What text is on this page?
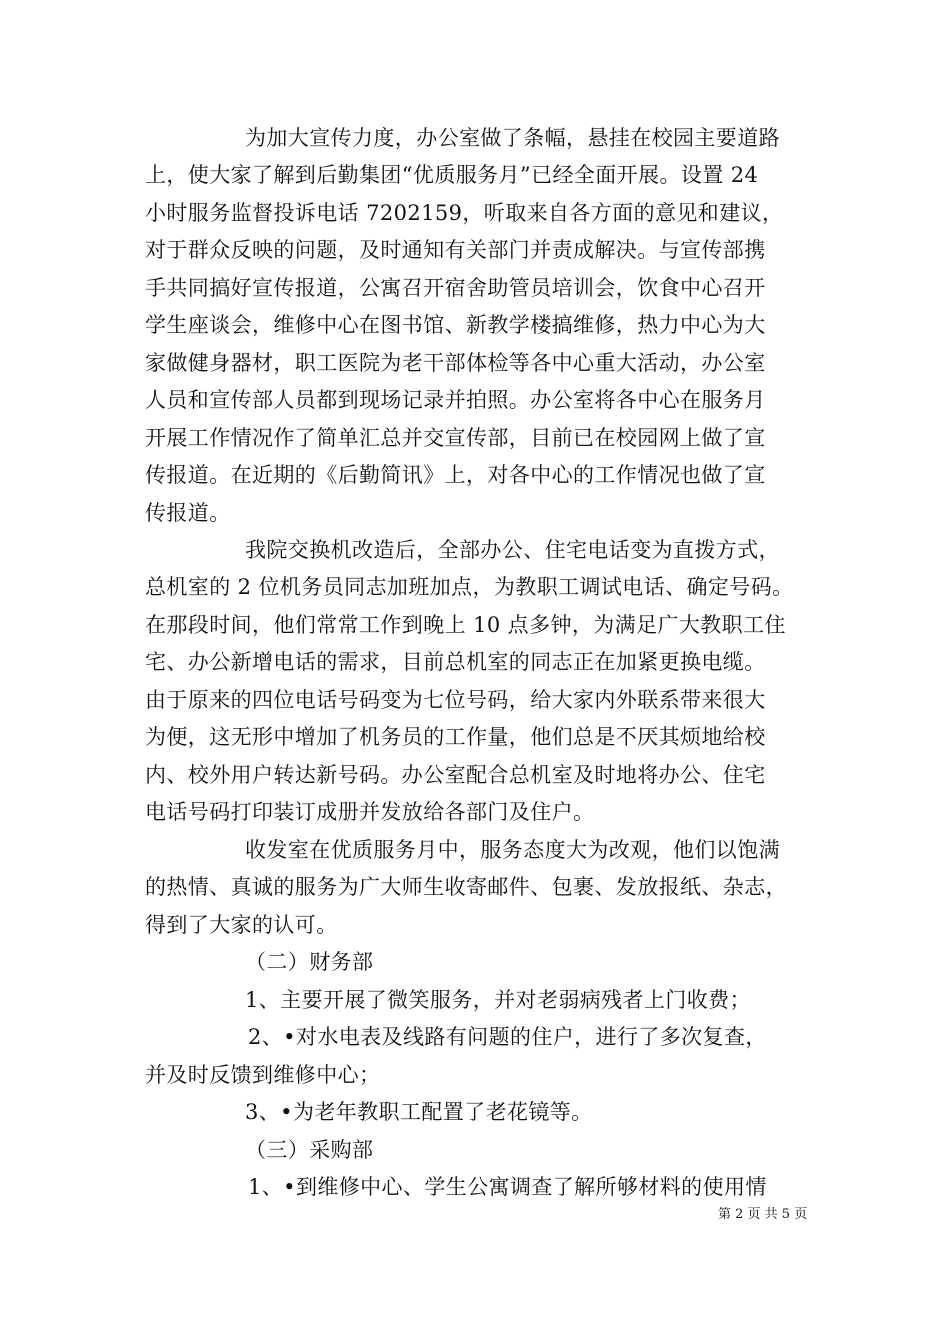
为加大宣传力度，办公室做了条幅，悬挂在校园主要道路
上，使大家了解到后勤集团“优质服务月”已经全面开展。设置 24
小时服务监督投诉电话 7202159，听取来自各方面的意见和建议，
对于群众反映的问题，及时通知有关部门并责成解决。与宣传部携
手共同搞好宣传报道，公寓召开宿舍助管员培训会，饮食中心召开
学生座谈会，维修中心在图书馆、新教学楼搞维修，热力中心为大
家做健身器材，职工医院为老干部体检等各中心重大活动，办公室
人员和宣传部人员都到现场记录并拍照。办公室将各中心在服务月
开展工作情况作了简单汇总并交宣传部，目前已在校园网上做了宣
传报道。在近期的《后勤简讯》上，对各中心的工作情况也做了宣
传报道。
我院交换机改造后，全部办公、住宅电话变为直拨方式，
总机室的 2 位机务员同志加班加点，为教职工调试电话、确定号码。
在那段时间，他们常常工作到晚上 10 点多钟，为满足广大教职工住
宅、办公新增电话的需求，目前总机室的同志正在加紧更换电缆。
由于原来的四位电话号码变为七位号码，给大家内外联系带来很大
为便，这无形中增加了机务员的工作量，他们总是不厌其烦地给校
内、校外用户转达新号码。办公室配合总机室及时地将办公、住宅
电话号码打印装订成册并发放给各部门及住户。
收发室在优质服务月中，服务态度大为改观，他们以饱满
的热情、真诚的服务为广大师生收寄邮件、包裹、发放报纸、杂志，
得到了大家的认可。
（二）财务部
1、主要开展了微笑服务，并对老弱病残者上门收费；
2、•对水电表及线路有问题的住户，进行了多次复查，
并及时反馈到维修中心；
3、•为老年教职工配置了老花镜等。
（三）采购部
1、•到维修中心、学生公寓调查了解所够材料的使用情
第 2 页 共 5 页
